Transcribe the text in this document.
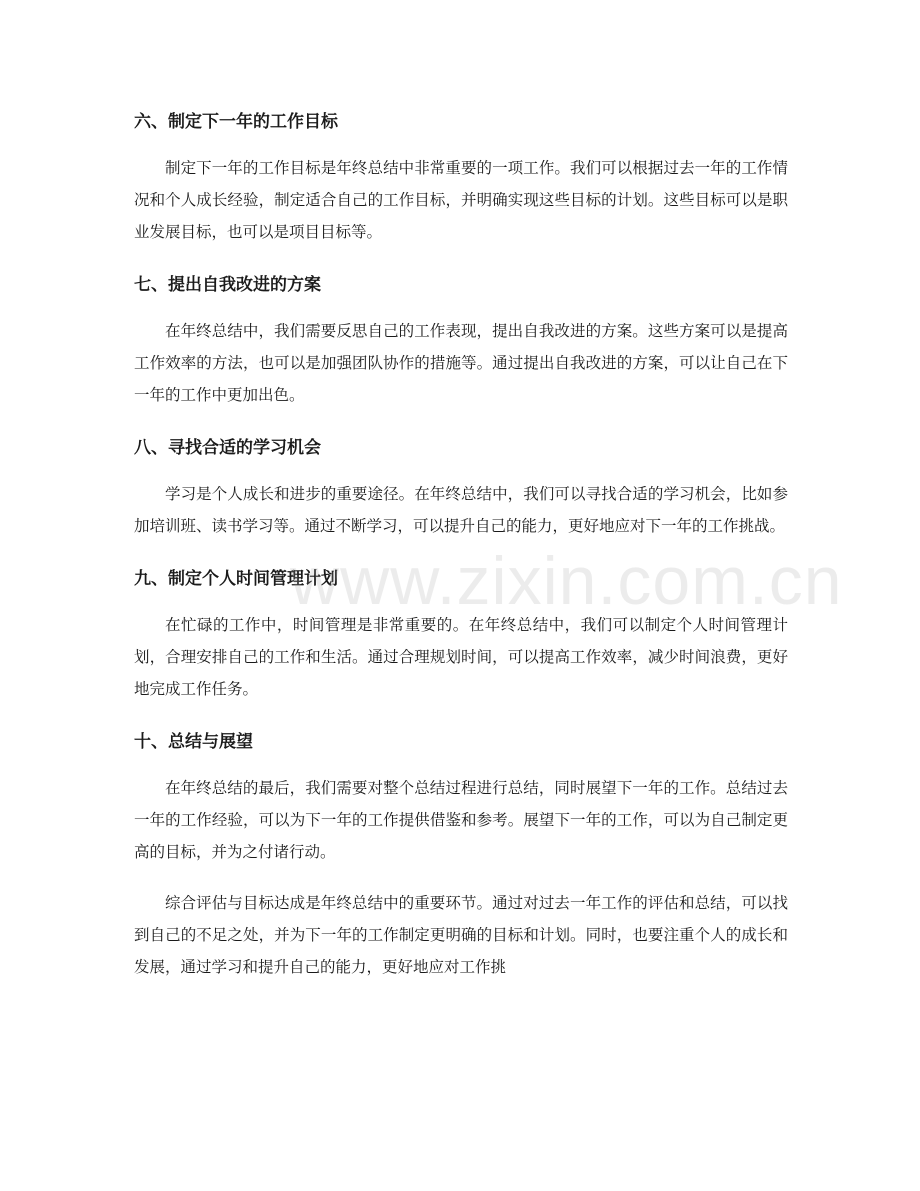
六、制定下一年的工作目标

制定下一年的工作目标是年终总结中非常重要的一项工作。我们可以根据过去一年的工作情况和个人成长经验，制定适合自己的工作目标，并明确实现这些目标的计划。这些目标可以是职业发展目标，也可以是项目目标等。

七、提出自我改进的方案

在年终总结中，我们需要反思自己的工作表现，提出自我改进的方案。这些方案可以是提高工作效率的方法，也可以是加强团队协作的措施等。通过提出自我改进的方案，可以让自己在下一年的工作中更加出色。

八、寻找合适的学习机会

学习是个人成长和进步的重要途径。在年终总结中，我们可以寻找合适的学习机会，比如参加培训班、读书学习等。通过不断学习，可以提升自己的能力，更好地应对下一年的工作挑战。

九、制定个人时间管理计划

在忙碌的工作中，时间管理是非常重要的。在年终总结中，我们可以制定个人时间管理计划，合理安排自己的工作和生活。通过合理规划时间，可以提高工作效率，减少时间浪费，更好地完成工作任务。

十、总结与展望

在年终总结的最后，我们需要对整个总结过程进行总结，同时展望下一年的工作。总结过去一年的工作经验，可以为下一年的工作提供借鉴和参考。展望下一年的工作，可以为自己制定更高的目标，并为之付诸行动。

综合评估与目标达成是年终总结中的重要环节。通过对过去一年工作的评估和总结，可以找到自己的不足之处，并为下一年的工作制定更明确的目标和计划。同时，也要注重个人的成长和发展，通过学习和提升自己的能力，更好地应对工作挑

www.zixin.com.cn
